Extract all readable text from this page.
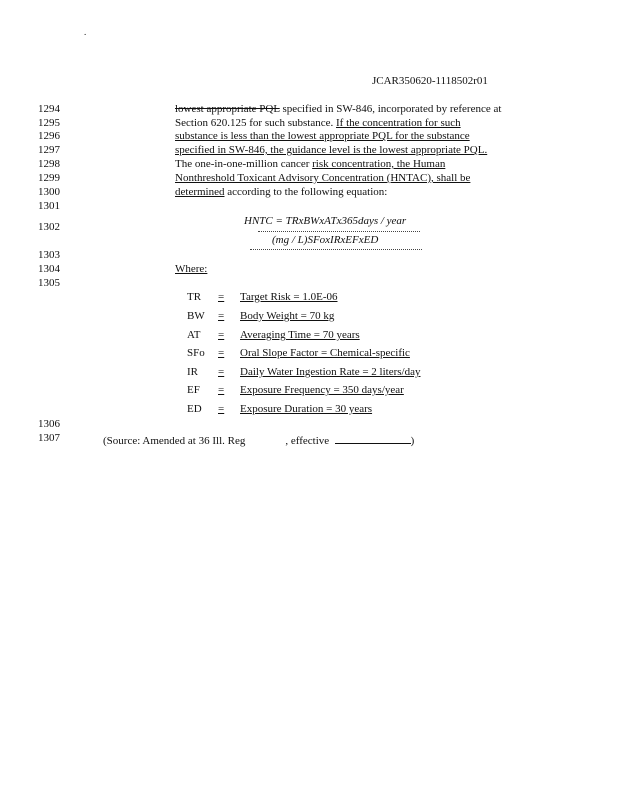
.
JCAR350620-1118502r01
1294	lowest appropriate PQL specified in SW-846, incorporated by reference at
1295	Section 620.125 for such substance. If the concentration for such
1296	substance is less than the lowest appropriate PQL for the substance
1297	specified in SW-846, the guidance level is the lowest appropriate PQL.
1298	The one-in-one-million cancer risk concentration, the Human
1299	Nonthreshold Toxicant Advisory Concentration (HNTAC), shall be
1300	determined according to the following equation:
1301
1302
1303
1304	Where:
1305
1306
1307
HNTC = TRxBWxATx365days / year
(mg / L)SFoxIRxEFxED
TR	= Target Risk = 1.0E-06
BW	= Body Weight = 70 kg
AT	= Averaging Time = 70 years
SFo	= Oral Slope Factor = Chemical-specific
IR	= Daily Water Ingestion Rate = 2 liters/day
EF	= Exposure Frequency = 350 days/year
ED	= Exposure Duration = 30 years
(Source: Amended at 36 Ill. Reg	, effective	)
